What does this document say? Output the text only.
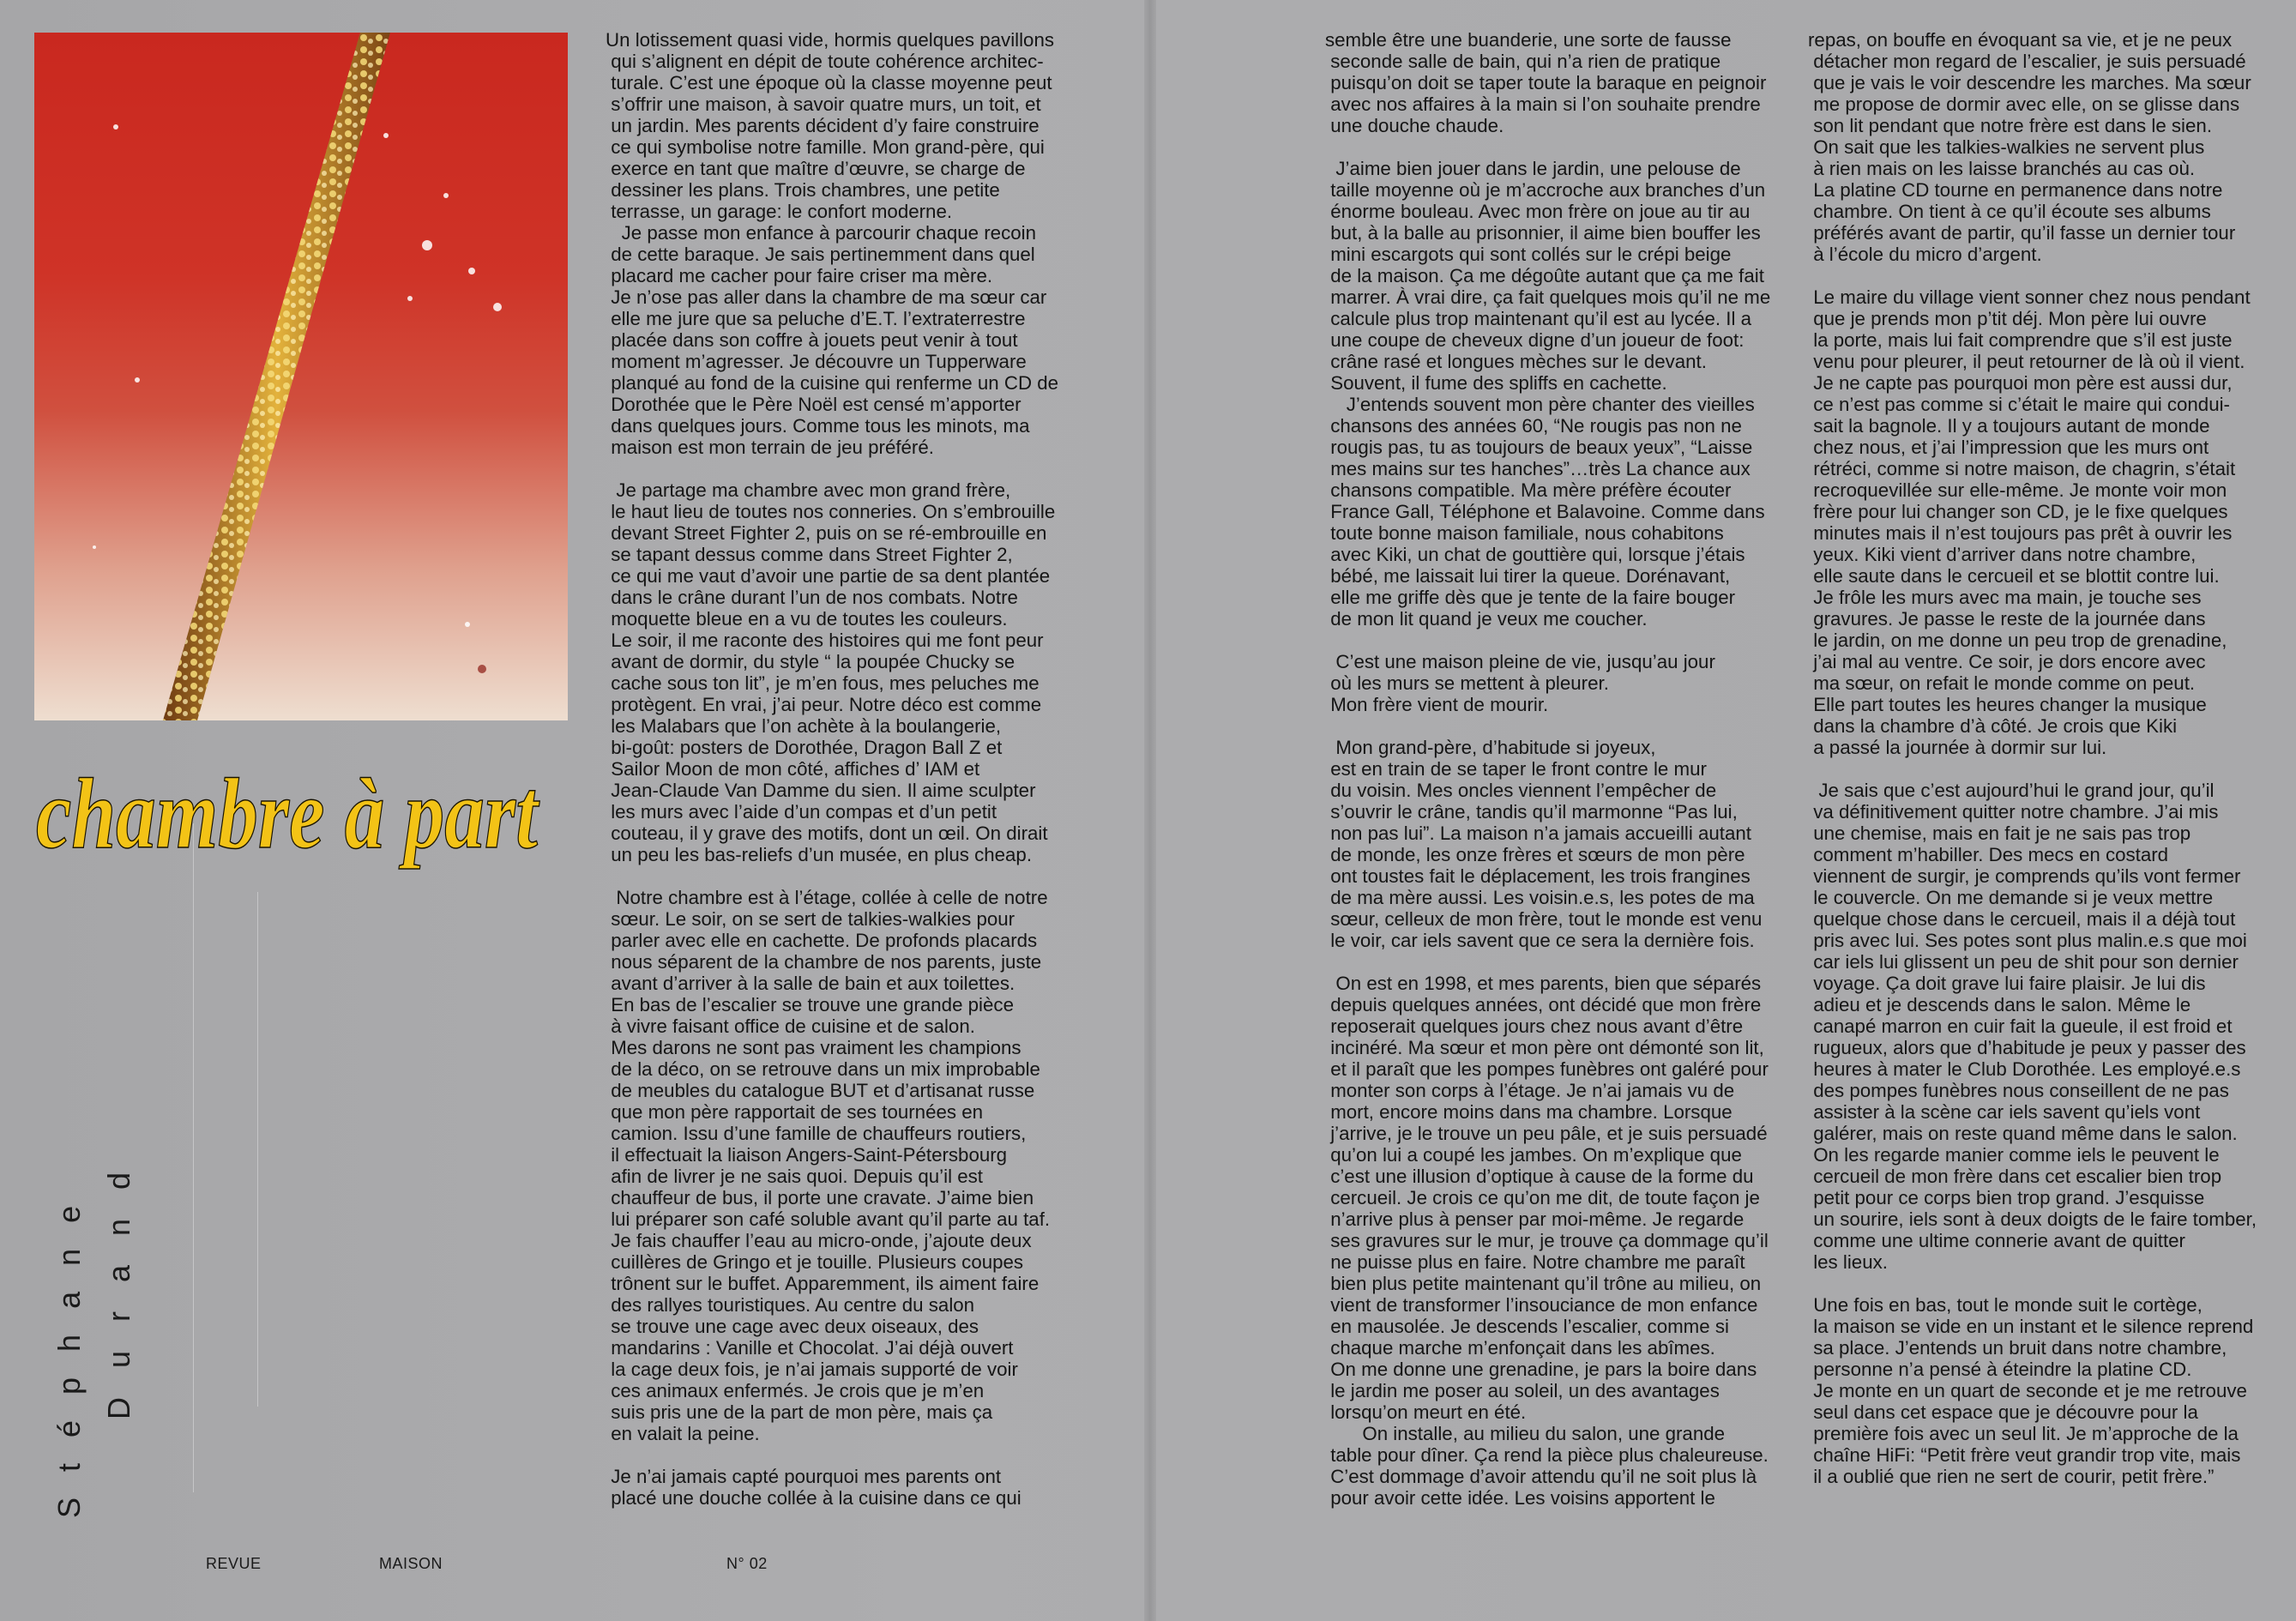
chambre à part
Stéphane Durand
Un lotissement quasi vide, hormis quelques pavillons
qui s’alignent en dépit de toute cohérence architec-
turale. C’est une époque où la classe moyenne peut
s’offrir une maison, à savoir quatre murs, un toit, et
un jardin. Mes parents décident d’y faire construire
ce qui symbolise notre famille. Mon grand-père, qui
exerce en tant que maître d’œuvre, se charge de
dessiner les plans. Trois chambres, une petite
terrasse, un garage: le confort moderne.
Je passe mon enfance à parcourir chaque recoin
de cette baraque. Je sais pertinemment dans quel
placard me cacher pour faire criser ma mère.
Je n’ose pas aller dans la chambre de ma sœur car
elle me jure que sa peluche d’E.T. l’extraterrestre
placée dans son coffre à jouets peut venir à tout
moment m’agresser. Je découvre un Tupperware
planqué au fond de la cuisine qui renferme un CD de
Dorothée que le Père Noël est censé m’apporter
dans quelques jours. Comme tous les minots, ma
maison est mon terrain de jeu préféré.
Je partage ma chambre avec mon grand frère,
le haut lieu de toutes nos conneries. On s’embrouille
devant Street Fighter 2, puis on se ré-embrouille en
se tapant dessus comme dans Street Fighter 2,
ce qui me vaut d’avoir une partie de sa dent plantée
dans le crâne durant l’un de nos combats. Notre
moquette bleue en a vu de toutes les couleurs.
Le soir, il me raconte des histoires qui me font peur
avant de dormir, du style “ la poupée Chucky se
cache sous ton lit”, je m’en fous, mes peluches me
protègent. En vrai, j’ai peur. Notre déco est comme
les Malabars que l’on achète à la boulangerie,
bi-goût: posters de Dorothée, Dragon Ball Z et
Sailor Moon de mon côté, affiches d’ IAM et
Jean-Claude Van Damme du sien. Il aime sculpter
les murs avec l’aide d’un compas et d’un petit
couteau, il y grave des motifs, dont un œil. On dirait
un peu les bas-reliefs d’un musée, en plus cheap.
Notre chambre est à l’étage, collée à celle de notre
sœur. Le soir, on se sert de talkies-walkies pour
parler avec elle en cachette. De profonds placards
nous séparent de la chambre de nos parents, juste
avant d’arriver à la salle de bain et aux toilettes.
En bas de l’escalier se trouve une grande pièce
à vivre faisant office de cuisine et de salon.
Mes darons ne sont pas vraiment les champions
de la déco, on se retrouve dans un mix improbable
de meubles du catalogue BUT et d’artisanat russe
que mon père rapportait de ses tournées en
camion. Issu d’une famille de chauffeurs routiers,
il effectuait la liaison Angers-Saint-Pétersbourg
afin de livrer je ne sais quoi. Depuis qu’il est
chauffeur de bus, il porte une cravate. J’aime bien
lui préparer son café soluble avant qu’il parte au taf.
Je fais chauffer l’eau au micro-onde, j’ajoute deux
cuillères de Gringo et je touille. Plusieurs coupes
trônent sur le buffet. Apparemment, ils aiment faire
des rallyes touristiques. Au centre du salon
se trouve une cage avec deux oiseaux, des
mandarins : Vanille et Chocolat. J’ai déjà ouvert
la cage deux fois, je n’ai jamais supporté de voir
ces animaux enfermés. Je crois que je m’en
suis pris une de la part de mon père, mais ça
en valait la peine.
Je n’ai jamais capté pourquoi mes parents ont
placé une douche collée à la cuisine dans ce qui
semble être une buanderie, une sorte de fausse
seconde salle de bain, qui n’a rien de pratique
puisqu’on doit se taper toute la baraque en peignoir
avec nos affaires à la main si l’on souhaite prendre
une douche chaude.
J’aime bien jouer dans le jardin, une pelouse de
taille moyenne où je m’accroche aux branches d’un
énorme bouleau. Avec mon frère on joue au tir au
but, à la balle au prisonnier, il aime bien bouffer les
mini escargots qui sont collés sur le crépi beige
de la maison. Ça me dégoûte autant que ça me fait
marrer. À vrai dire, ça fait quelques mois qu’il ne me
calcule plus trop maintenant qu’il est au lycée. Il a
une coupe de cheveux digne d’un joueur de foot:
crâne rasé et longues mèches sur le devant.
Souvent, il fume des spliffs en cachette.
J’entends souvent mon père chanter des vieilles
chansons des années 60, “Ne rougis pas non ne
rougis pas, tu as toujours de beaux yeux”, “Laisse
mes mains sur tes hanches”…très La chance aux
chansons compatible. Ma mère préfère écouter
France Gall, Téléphone et Balavoine. Comme dans
toute bonne maison familiale, nous cohabitons
avec Kiki, un chat de gouttière qui, lorsque j’étais
bébé, me laissait lui tirer la queue. Dorénavant,
elle me griffe dès que je tente de la faire bouger
de mon lit quand je veux me coucher.
C’est une maison pleine de vie, jusqu’au jour
où les murs se mettent à pleurer.
Mon frère vient de mourir.
Mon grand-père, d’habitude si joyeux,
est en train de se taper le front contre le mur
du voisin. Mes oncles viennent l’empêcher de
s’ouvrir le crâne, tandis qu’il marmonne “Pas lui,
non pas lui”. La maison n’a jamais accueilli autant
de monde, les onze frères et sœurs de mon père
ont toustes fait le déplacement, les trois frangines
de ma mère aussi. Les voisin.e.s, les potes de ma
sœur, celleux de mon frère, tout le monde est venu
le voir, car iels savent que ce sera la dernière fois.
On est en 1998, et mes parents, bien que séparés
depuis quelques années, ont décidé que mon frère
reposerait quelques jours chez nous avant d’être
incinéré. Ma sœur et mon père ont démonté son lit,
et il paraît que les pompes funèbres ont galéré pour
monter son corps à l’étage. Je n’ai jamais vu de
mort, encore moins dans ma chambre. Lorsque
j’arrive, je le trouve un peu pâle, et je suis persuadé
qu’on lui a coupé les jambes. On m’explique que
c’est une illusion d’optique à cause de la forme du
cercueil. Je crois ce qu’on me dit, de toute façon je
n’arrive plus à penser par moi-même. Je regarde
ses gravures sur le mur, je trouve ça dommage qu’il
ne puisse plus en faire. Notre chambre me paraît
bien plus petite maintenant qu’il trône au milieu, on
vient de transformer l’insouciance de mon enfance
en mausolée. Je descends l’escalier, comme si
chaque marche m’enfonçait dans les abîmes.
On me donne une grenadine, je pars la boire dans
le jardin me poser au soleil, un des avantages
lorsqu’on meurt en été.
On installe, au milieu du salon, une grande
table pour dîner. Ça rend la pièce plus chaleureuse.
C’est dommage d’avoir attendu qu’il ne soit plus là
pour avoir cette idée. Les voisins apportent le
repas, on bouffe en évoquant sa vie, et je ne peux
détacher mon regard de l’escalier, je suis persuadé
que je vais le voir descendre les marches. Ma sœur
me propose de dormir avec elle, on se glisse dans
son lit pendant que notre frère est dans le sien.
On sait que les talkies-walkies ne servent plus
à rien mais on les laisse branchés au cas où.
La platine CD tourne en permanence dans notre
chambre. On tient à ce qu’il écoute ses albums
préférés avant de partir, qu’il fasse un dernier tour
à l’école du micro d’argent.
Le maire du village vient sonner chez nous pendant
que je prends mon p’tit déj. Mon père lui ouvre
la porte, mais lui fait comprendre que s’il est juste
venu pour pleurer, il peut retourner de là où il vient.
Je ne capte pas pourquoi mon père est aussi dur,
ce n’est pas comme si c’était le maire qui condui-
sait la bagnole. Il y a toujours autant de monde
chez nous, et j’ai l’impression que les murs ont
rétréci, comme si notre maison, de chagrin, s’était
recroquevillée sur elle-même. Je monte voir mon
frère pour lui changer son CD, je le fixe quelques
minutes mais il n’est toujours pas prêt à ouvrir les
yeux. Kiki vient d’arriver dans notre chambre,
elle saute dans le cercueil et se blottit contre lui.
Je frôle les murs avec ma main, je touche ses
gravures. Je passe le reste de la journée dans
le jardin, on me donne un peu trop de grenadine,
j’ai mal au ventre. Ce soir, je dors encore avec
ma sœur, on refait le monde comme on peut.
Elle part toutes les heures changer la musique
dans la chambre d’à côté. Je crois que Kiki
a passé la journée à dormir sur lui.
Je sais que c’est aujourd’hui le grand jour, qu’il
va définitivement quitter notre chambre. J’ai mis
une chemise, mais en fait je ne sais pas trop
comment m’habiller. Des mecs en costard
viennent de surgir, je comprends qu’ils vont fermer
le couvercle. On me demande si je veux mettre
quelque chose dans le cercueil, mais il a déjà tout
pris avec lui. Ses potes sont plus malin.e.s que moi
car iels lui glissent un peu de shit pour son dernier
voyage. Ça doit grave lui faire plaisir. Je lui dis
adieu et je descends dans le salon. Même le
canapé marron en cuir fait la gueule, il est froid et
rugueux, alors que d’habitude je peux y passer des
heures à mater le Club Dorothée. Les employé.e.s
des pompes funèbres nous conseillent de ne pas
assister à la scène car iels savent qu’iels vont
galérer, mais on reste quand même dans le salon.
On les regarde manier comme iels le peuvent le
cercueil de mon frère dans cet escalier bien trop
petit pour ce corps bien trop grand. J’esquisse
un sourire, iels sont à deux doigts de le faire tomber,
comme une ultime connerie avant de quitter
les lieux.
Une fois en bas, tout le monde suit le cortège,
la maison se vide en un instant et le silence reprend
sa place. J’entends un bruit dans notre chambre,
personne n’a pensé à éteindre la platine CD.
Je monte en un quart de seconde et je me retrouve
seul dans cet espace que je découvre pour la
première fois avec un seul lit. Je m’approche de la
chaîne HiFi: “Petit frère veut grandir trop vite, mais
il a oublié que rien ne sert de courir, petit frère.”
REVUE	MAISON	N° 02
